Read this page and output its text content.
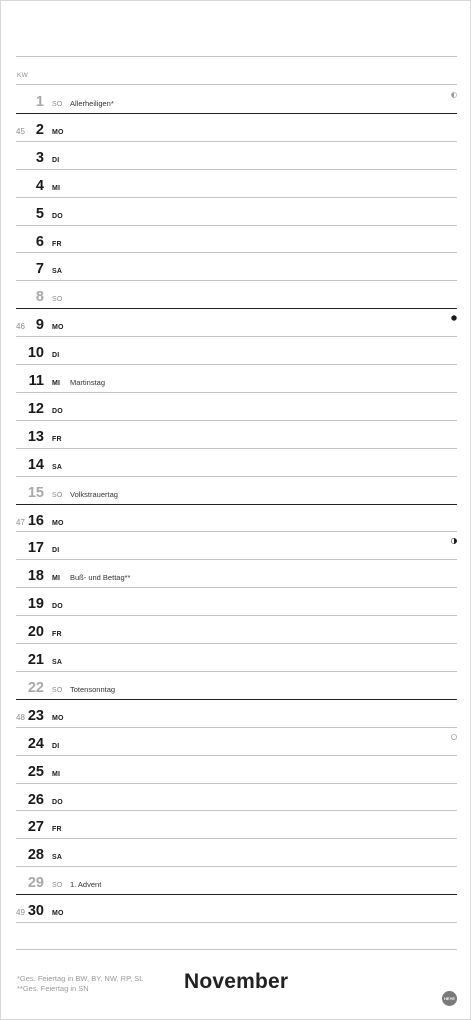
KW
1 SO Allerheiligen*
45 2 MO
3 DI
4 MI
5 DO
6 FR
7 SA
8 SO
46 9 MO
10 DI
11 MI Martinstag
12 DO
13 FR
14 SA
15 SO Volkstrauertag
47 16 MO
17 DI
18 MI Buß- und Bettag**
19 DO
20 FR
21 SA
22 SO Totensonntag
48 23 MO
24 DI
25 MI
26 DO
27 FR
28 SA
29 SO 1. Advent
49 30 MO
*Ges. Feiertag in BW, BY, NW, RP, SL
**Ges. Feiertag in SN	November
HEYE
